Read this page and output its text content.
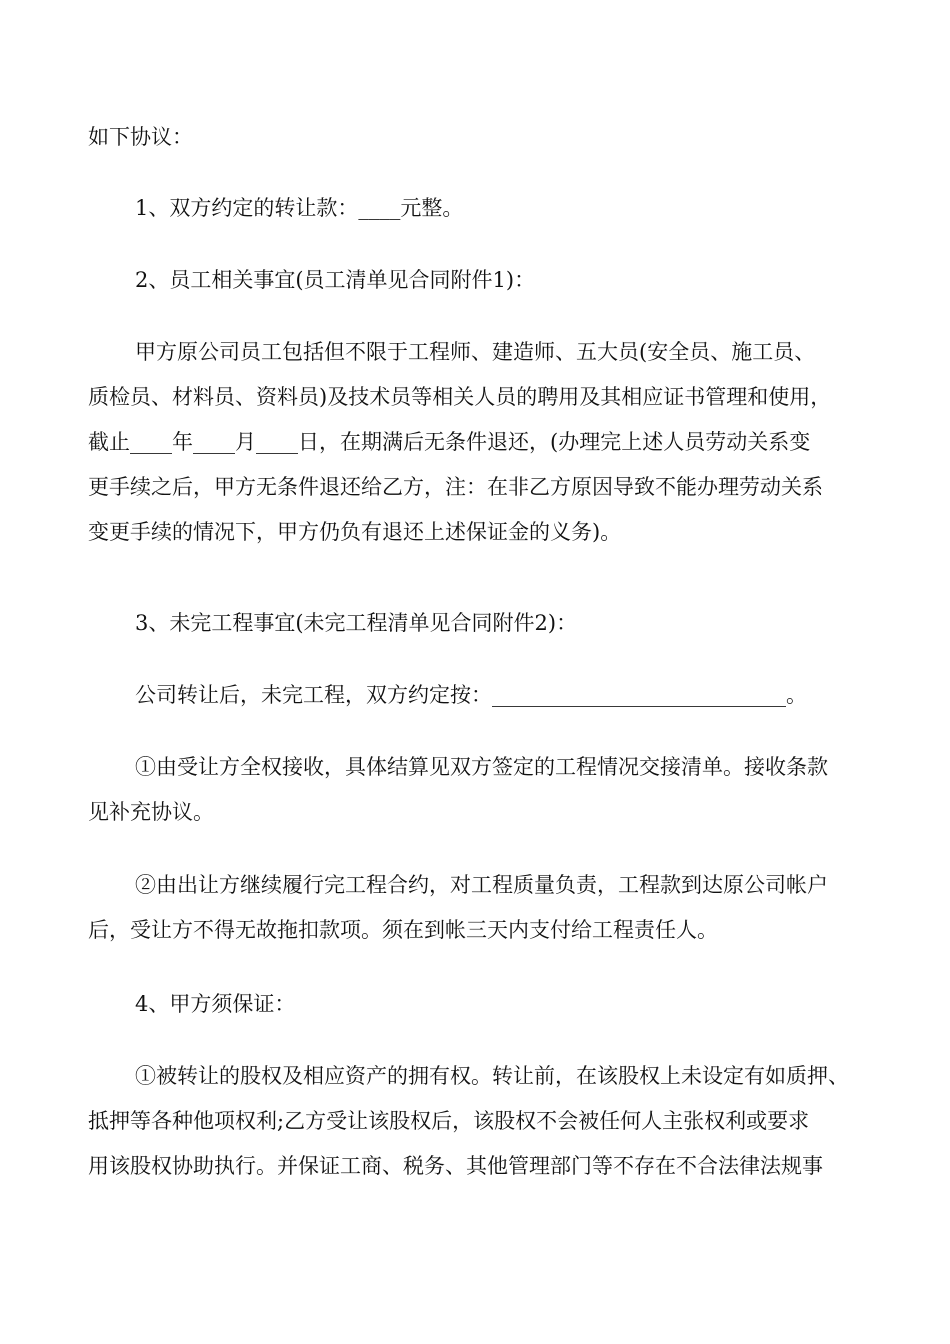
如下协议：

1、双方约定的转让款：____元整。

2、员工相关事宜(员工清单见合同附件1)：

甲方原公司员工包括但不限于工程师、建造师、五大员(安全员、施工员、
质检员、材料员、资料员)及技术员等相关人员的聘用及其相应证书管理和使用，
截止____年____月____日，在期满后无条件退还，(办理完上述人员劳动关系变
更手续之后，甲方无条件退还给乙方，注：在非乙方原因导致不能办理劳动关系
变更手续的情况下，甲方仍负有退还上述保证金的义务)。

3、未完工程事宜(未完工程清单见合同附件2)：

公司转让后，未完工程，双方约定按：____________________________。

①由受让方全权接收，具体结算见双方签定的工程情况交接清单。接收条款
见补充协议。

②由出让方继续履行完工程合约，对工程质量负责，工程款到达原公司帐户
后，受让方不得无故拖扣款项。须在到帐三天内支付给工程责任人。

4、甲方须保证：

①被转让的股权及相应资产的拥有权。转让前，在该股权上未设定有如质押、
抵押等各种他项权利;乙方受让该股权后，该股权不会被任何人主张权利或要求
用该股权协助执行。并保证工商、税务、其他管理部门等不存在不合法律法规事
